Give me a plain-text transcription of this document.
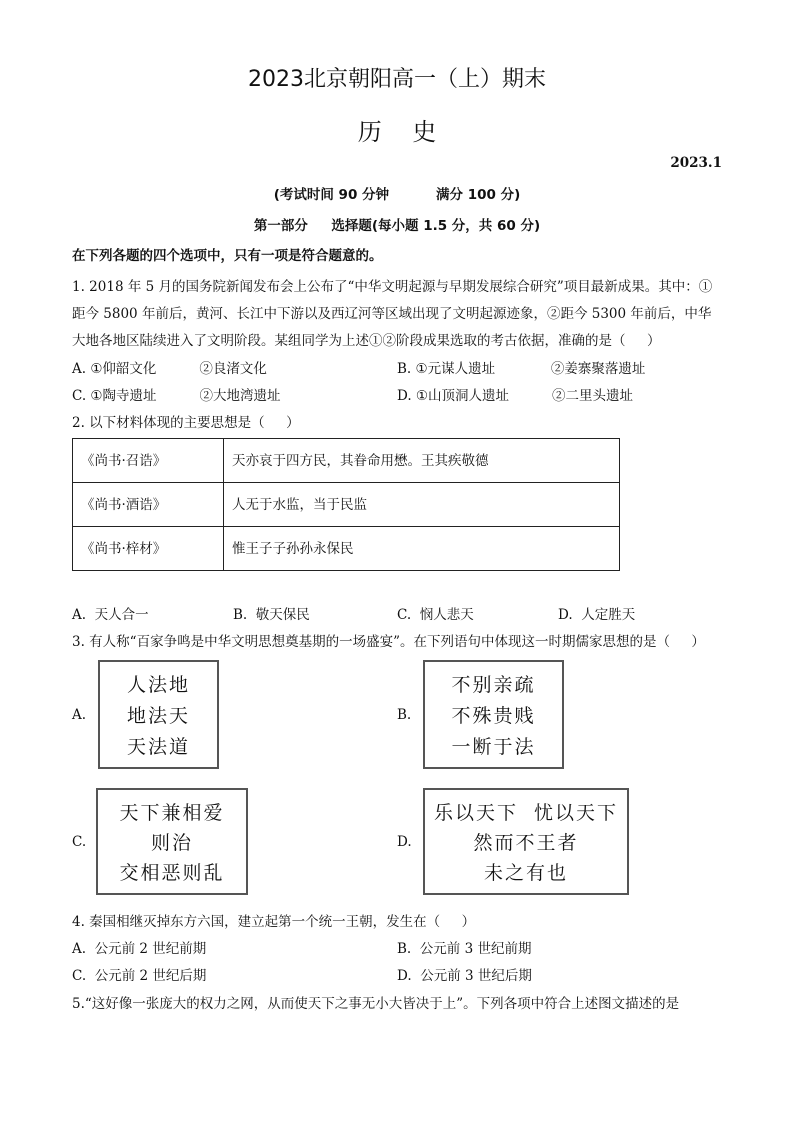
2023北京朝阳高一（上）期末
历    史
2023.1
(考试时间 90 分钟          满分 100 分)
第一部分     选择题(每小题 1.5 分，共 60 分)
在下列各题的四个选项中，只有一项是符合题意的。
1. 2018 年 5 月的国务院新闻发布会上公布了“中华文明起源与早期发展综合研究”项目最新成果。其中：①
距今 5800 年前后，黄河、长江中下游以及西辽河等区域出现了文明起源迹象，②距今 5300 年前后，中华
大地各地区陆续进入了文明阶段。某组同学为上述①②阶段成果选取的考古依据，准确的是（     ）
A. ①仰韶文化          ②良渚文化	B. ①元谋人遗址             ②姜寨聚落遗址
C. ①陶寺遗址          ②大地湾遗址	D. ①山顶洞人遗址          ②二里头遗址
2. 以下材料体现的主要思想是（     ）
《尚书·召诰》	天亦哀于四方民，其眷命用懋。王其疾敬德
《尚书·酒诰》	人无于水监，当于民监
《尚书·梓材》	惟王子子孙孙永保民
A.  天人合一	B.  敬天保民	C.  悯人悲天	D.  人定胜天
3. 有人称“百家争鸣是中华文明思想奠基期的一场盛宴”。在下列语句中体现这一时期儒家思想的是（     ）
A.
人法地
地法天
天法道
B.
不别亲疏
不殊贵贱
一断于法
C.
天下兼相爱
则治
交相恶则乱
D.
乐以天下  忧以天下
然而不王者
未之有也
4. 秦国相继灭掉东方六国，建立起第一个统一王朝，发生在（     ）
A.  公元前 2 世纪前期	B.  公元前 3 世纪前期
C.  公元前 2 世纪后期	D.  公元前 3 世纪后期
5.“这好像一张庞大的权力之网，从而使天下之事无小大皆决于上”。下列各项中符合上述图文描述的是
